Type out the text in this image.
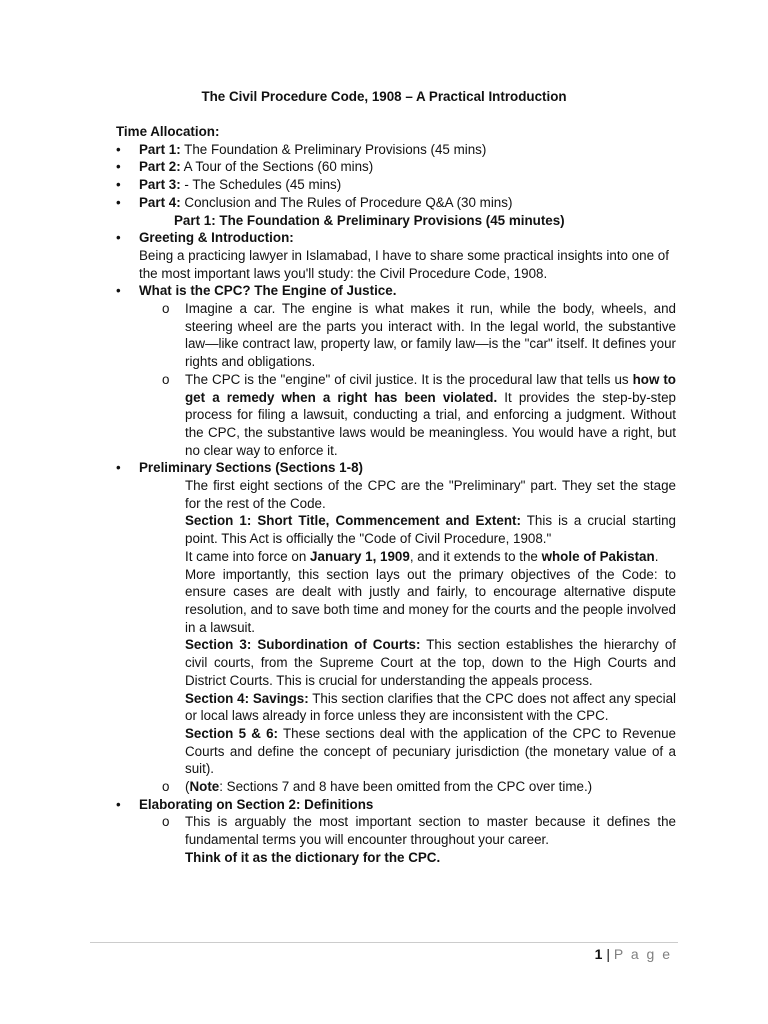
The Civil Procedure Code, 1908 – A Practical Introduction

Time Allocation:

•	Part 1: The Foundation & Preliminary Provisions (45 mins)

•	Part 2: A Tour of the Sections (60 mins)

•	Part 3: - The Schedules (45 mins)

•	Part 4: Conclusion and The Rules of Procedure Q&A (30 mins)

Part 1: The Foundation & Preliminary Provisions (45 minutes)

•	Greeting & Introduction:

Being a practicing lawyer in Islamabad, I have to share some practical insights into one of the most important laws you'll study: the Civil Procedure Code, 1908.

•	What is the CPC? The Engine of Justice.

o Imagine a car. The engine is what makes it run, while the body, wheels, and steering wheel are the parts you interact with. In the legal world, the substantive law—like contract law, property law, or family law—is the "car" itself. It defines your rights and obligations.

o The CPC is the "engine" of civil justice. It is the procedural law that tells us how to get a remedy when a right has been violated. It provides the step-by-step process for filing a lawsuit, conducting a trial, and enforcing a judgment. Without the CPC, the substantive laws would be meaningless. You would have a right, but no clear way to enforce it.

•	Preliminary Sections (Sections 1-8)

The first eight sections of the CPC are the "Preliminary" part. They set the stage for the rest of the Code.

Section 1: Short Title, Commencement and Extent: This is a crucial starting point. This Act is officially the "Code of Civil Procedure, 1908."

It came into force on January 1, 1909, and it extends to the whole of Pakistan.

More importantly, this section lays out the primary objectives of the Code: to ensure cases are dealt with justly and fairly, to encourage alternative dispute resolution, and to save both time and money for the courts and the people involved in a lawsuit.

Section 3: Subordination of Courts: This section establishes the hierarchy of civil courts, from the Supreme Court at the top, down to the High Courts and District Courts. This is crucial for understanding the appeals process.

Section 4: Savings: This section clarifies that the CPC does not affect any special or local laws already in force unless they are inconsistent with the CPC.

Section 5 & 6: These sections deal with the application of the CPC to Revenue Courts and define the concept of pecuniary jurisdiction (the monetary value of a suit).

o (Note: Sections 7 and 8 have been omitted from the CPC over time.)

•	Elaborating on Section 2: Definitions

o This is arguably the most important section to master because it defines the fundamental terms you will encounter throughout your career.

Think of it as the dictionary for the CPC.

1 | P a g e
